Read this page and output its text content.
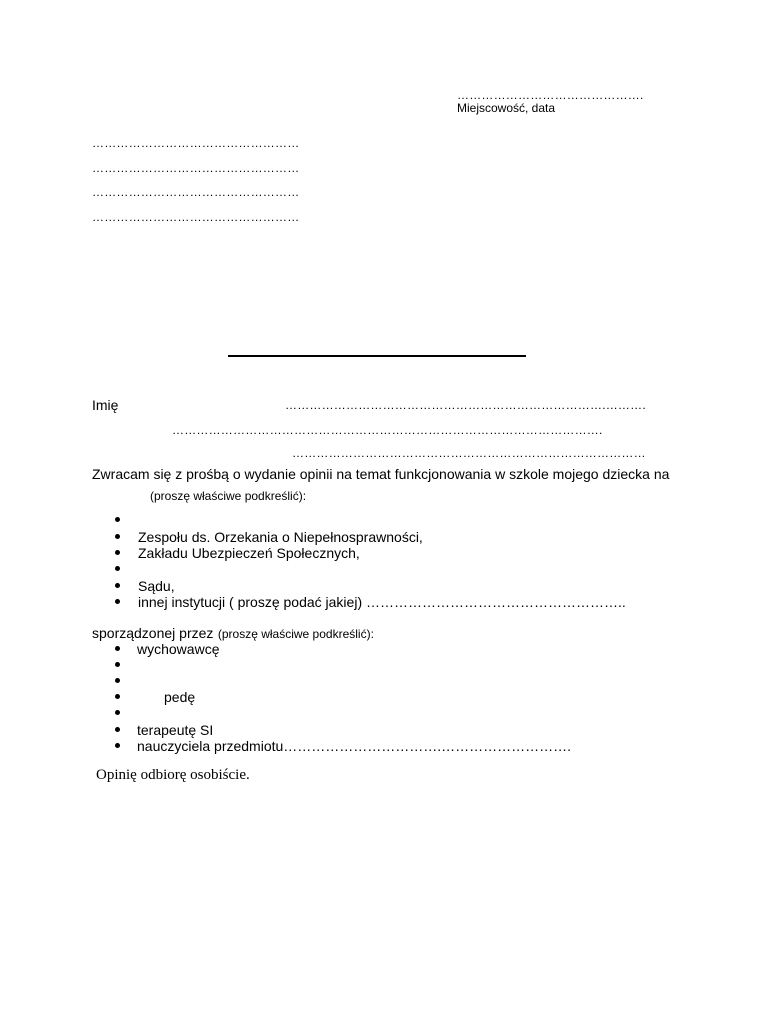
……………………………………….
Miejscowość, data
……………………………………………
……………………………………………
……………………………………………
……………………………………………
Imię	…………………………………………………………………….……….
…………………………………………………………………………………………….
……………………………………………………………………………
Zwracam się z prośbą o wydanie opinii na temat funkcjonowania w szkole mojego dziecka na
(proszę właściwe podkreślić):
Zespołu ds. Orzekania o Niepełnosprawności,
Zakładu Ubezpieczeń Społecznych,
Sądu,
innej instytucji ( proszę podać jakiej) ………………………………………………..
sporządzonej przez (proszę właściwe podkreślić):
wychowawcę
pedę
terapeutę SI
nauczyciela przedmiotu…………………………….……………………….
Opinię odbiorę osobiście.
